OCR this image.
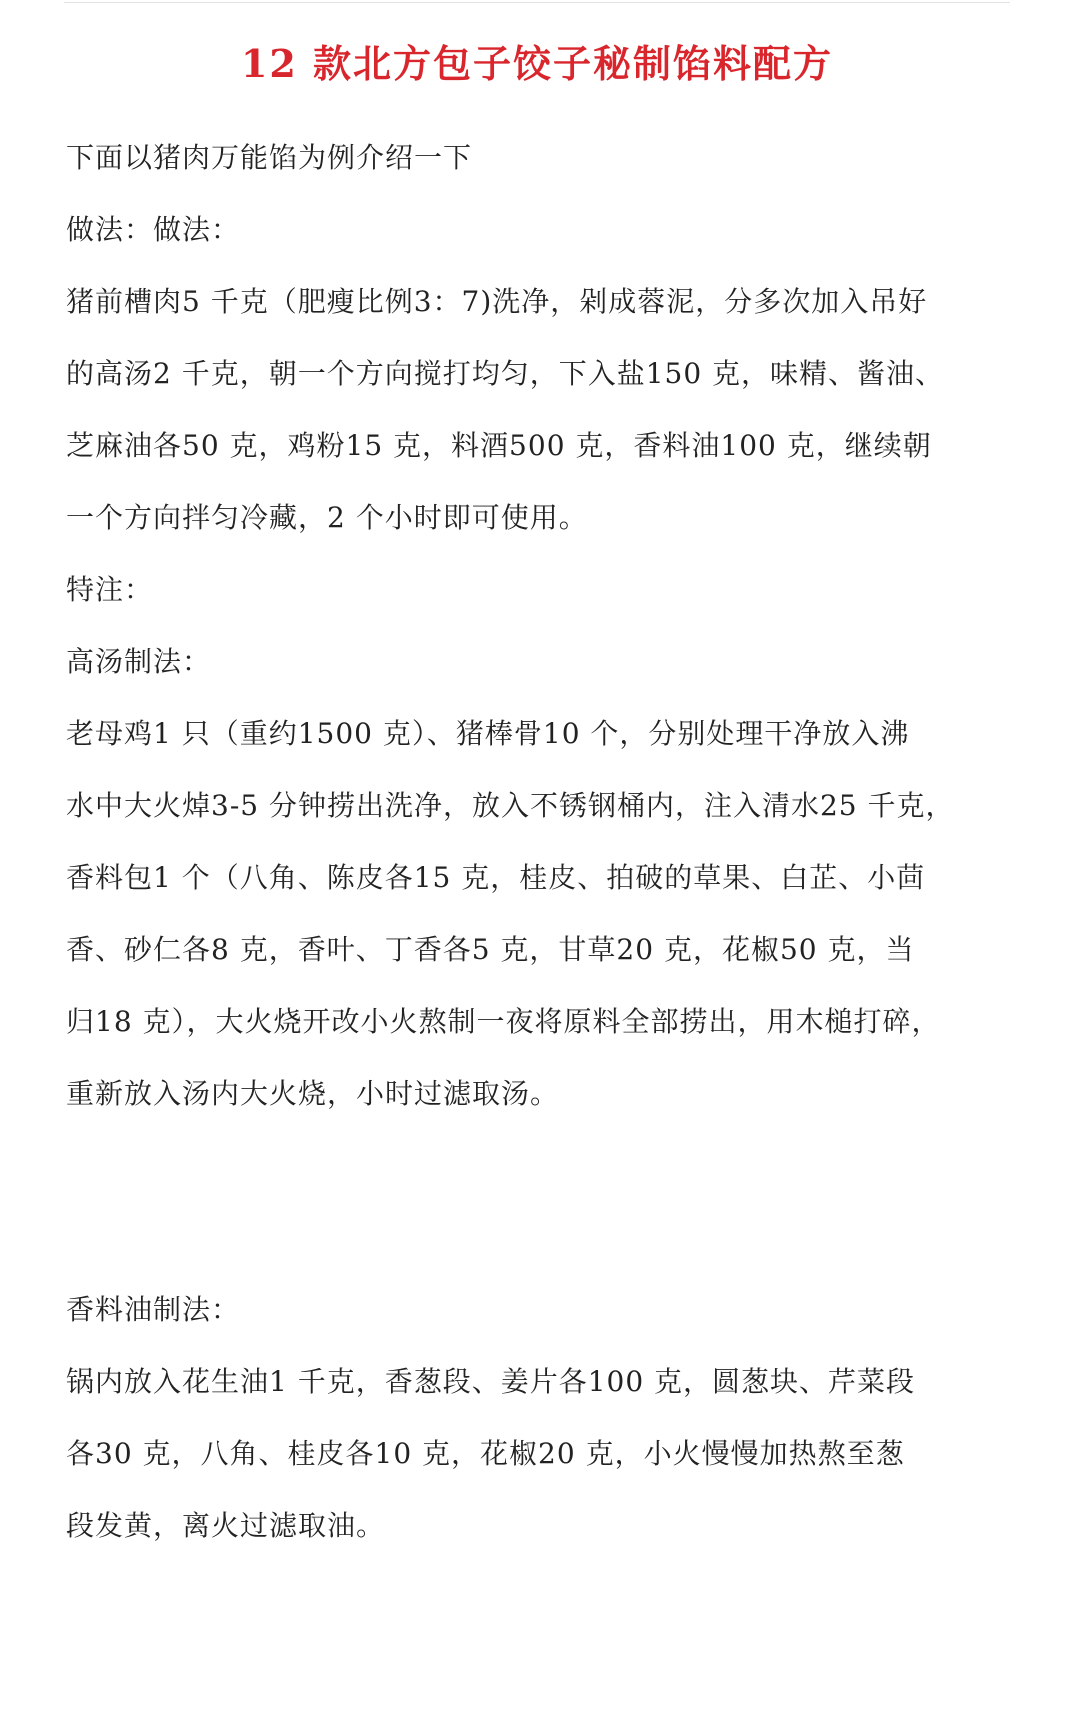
12 款北方包子饺子秘制馅料配方
下面以猪肉万能馅为例介绍一下
做法：做法：
猪前槽肉5 千克（肥瘦比例3：7)洗净，剁成蓉泥，分多次加入吊好
的高汤2 千克，朝一个方向搅打均匀，下入盐150 克，味精、酱油、
芝麻油各50 克，鸡粉15 克，料酒500 克，香料油100 克，继续朝
一个方向拌匀冷藏，2 个小时即可使用。
特注：
高汤制法：
老母鸡1 只（重约1500 克）、猪棒骨10 个，分别处理干净放入沸
水中大火焯3-5 分钟捞出洗净，放入不锈钢桶内，注入清水25 千克，
香料包1 个（八角、陈皮各15 克，桂皮、拍破的草果、白芷、小茴
香、砂仁各8 克，香叶、丁香各5 克，甘草20 克，花椒50 克，当
归18 克），大火烧开改小火熬制一夜将原料全部捞出，用木槌打碎，
重新放入汤内大火烧，小时过滤取汤。
香料油制法：
锅内放入花生油1 千克，香葱段、姜片各100 克，圆葱块、芹菜段
各30 克，八角、桂皮各10 克，花椒20 克，小火慢慢加热熬至葱
段发黄，离火过滤取油。
